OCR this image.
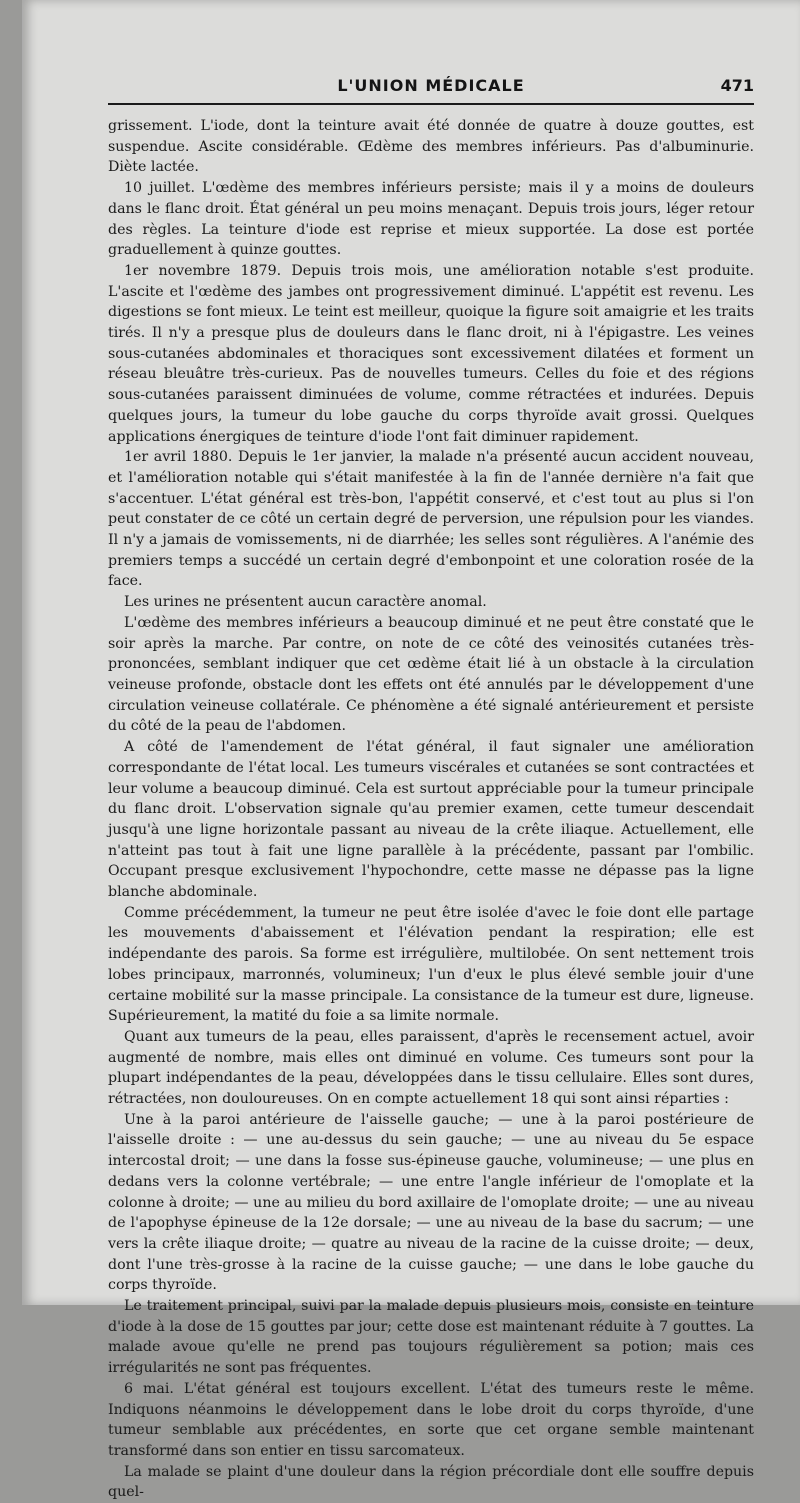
L'UNION MÉDICALE	471

grissement. L'iode, dont la teinture avait été donnée de quatre à douze gouttes, est suspendue. Ascite considérable. Œdème des membres inférieurs. Pas d'albuminurie. Diète lactée.

10 juillet. L'œdème des membres inférieurs persiste; mais il y a moins de douleurs dans le flanc droit. État général un peu moins menaçant. Depuis trois jours, léger retour des règles. La teinture d'iode est reprise et mieux supportée. La dose est portée graduellement à quinze gouttes.

1er novembre 1879. Depuis trois mois, une amélioration notable s'est produite. L'ascite et l'œdème des jambes ont progressivement diminué. L'appétit est revenu. Les digestions se font mieux. Le teint est meilleur, quoique la figure soit amaigrie et les traits tirés. Il n'y a presque plus de douleurs dans le flanc droit, ni à l'épigastre. Les veines sous-cutanées abdominales et thoraciques sont excessivement dilatées et forment un réseau bleuâtre très-curieux. Pas de nouvelles tumeurs. Celles du foie et des régions sous-cutanées paraissent diminuées de volume, comme rétractées et indurées. Depuis quelques jours, la tumeur du lobe gauche du corps thyroïde avait grossi. Quelques applications énergiques de teinture d'iode l'ont fait diminuer rapidement.

1er avril 1880. Depuis le 1er janvier, la malade n'a présenté aucun accident nouveau, et l'amélioration notable qui s'était manifestée à la fin de l'année dernière n'a fait que s'accentuer. L'état général est très-bon, l'appétit conservé, et c'est tout au plus si l'on peut constater de ce côté un certain degré de perversion, une répulsion pour les viandes. Il n'y a jamais de vomissements, ni de diarrhée; les selles sont régulières. A l'anémie des premiers temps a succédé un certain degré d'embonpoint et une coloration rosée de la face.

Les urines ne présentent aucun caractère anomal.

L'œdème des membres inférieurs a beaucoup diminué et ne peut être constaté que le soir après la marche. Par contre, on note de ce côté des veinosités cutanées très-prononcées, semblant indiquer que cet œdème était lié à un obstacle à la circulation veineuse profonde, obstacle dont les effets ont été annulés par le développement d'une circulation veineuse collatérale. Ce phénomène a été signalé antérieurement et persiste du côté de la peau de l'abdomen.

A côté de l'amendement de l'état général, il faut signaler une amélioration correspondante de l'état local. Les tumeurs viscérales et cutanées se sont contractées et leur volume a beaucoup diminué. Cela est surtout appréciable pour la tumeur principale du flanc droit. L'observation signale qu'au premier examen, cette tumeur descendait jusqu'à une ligne horizontale passant au niveau de la crête iliaque. Actuellement, elle n'atteint pas tout à fait une ligne parallèle à la précédente, passant par l'ombilic. Occupant presque exclusivement l'hypochondre, cette masse ne dépasse pas la ligne blanche abdominale.

Comme précédemment, la tumeur ne peut être isolée d'avec le foie dont elle partage les mouvements d'abaissement et l'élévation pendant la respiration; elle est indépendante des parois. Sa forme est irrégulière, multilobée. On sent nettement trois lobes principaux, marronnés, volumineux; l'un d'eux le plus élevé semble jouir d'une certaine mobilité sur la masse principale. La consistance de la tumeur est dure, ligneuse. Supérieurement, la matité du foie a sa limite normale.

Quant aux tumeurs de la peau, elles paraissent, d'après le recensement actuel, avoir augmenté de nombre, mais elles ont diminué en volume. Ces tumeurs sont pour la plupart indépendantes de la peau, développées dans le tissu cellulaire. Elles sont dures, rétractées, non douloureuses. On en compte actuellement 18 qui sont ainsi réparties :

Une à la paroi antérieure de l'aisselle gauche; — une à la paroi postérieure de l'aisselle droite : — une au-dessus du sein gauche; — une au niveau du 5e espace intercostal droit; — une dans la fosse sus-épineuse gauche, volumineuse; — une plus en dedans vers la colonne vertébrale; — une entre l'angle inférieur de l'omoplate et la colonne à droite; — une au milieu du bord axillaire de l'omoplate droite; — une au niveau de l'apophyse épineuse de la 12e dorsale; — une au niveau de la base du sacrum; — une vers la crête iliaque droite; — quatre au niveau de la racine de la cuisse droite; — deux, dont l'une très-grosse à la racine de la cuisse gauche; — une dans le lobe gauche du corps thyroïde.

Le traitement principal, suivi par la malade depuis plusieurs mois, consiste en teinture d'iode à la dose de 15 gouttes par jour; cette dose est maintenant réduite à 7 gouttes. La malade avoue qu'elle ne prend pas toujours régulièrement sa potion; mais ces irrégularités ne sont pas fréquentes.

6 mai. L'état général est toujours excellent. L'état des tumeurs reste le même. Indiquons néanmoins le développement dans le lobe droit du corps thyroïde, d'une tumeur semblable aux précédentes, en sorte que cet organe semble maintenant transformé dans son entier en tissu sarcomateux.

La malade se plaint d'une douleur dans la région précordiale dont elle souffre depuis quel-
